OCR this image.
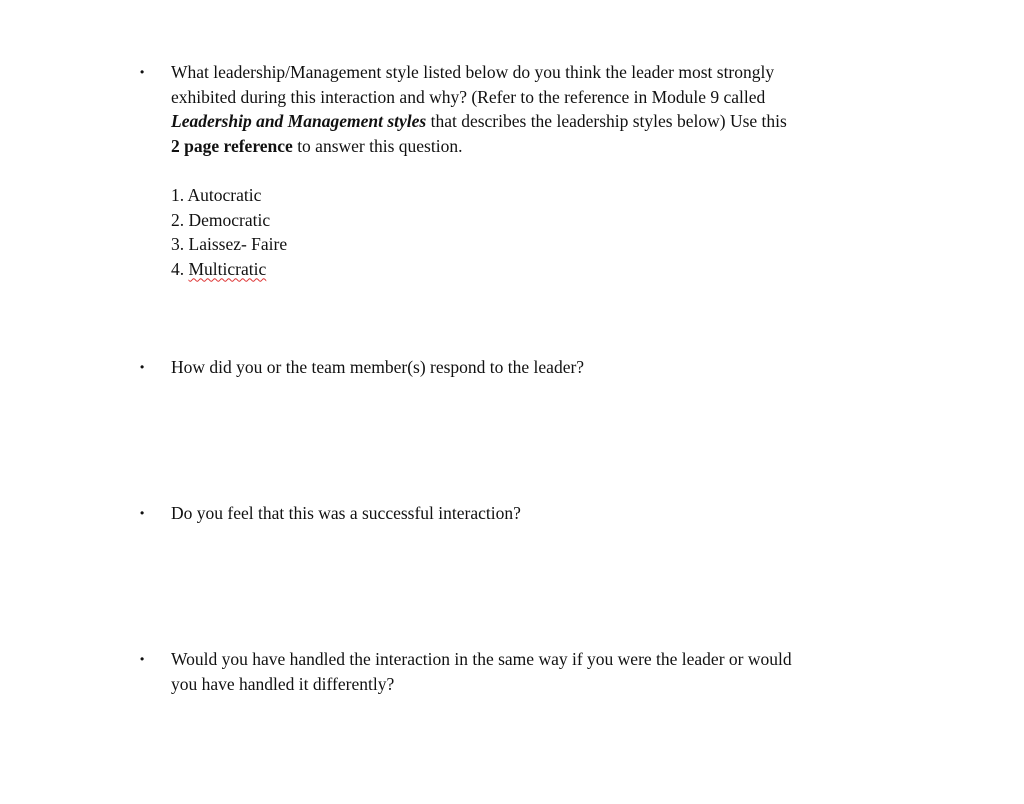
•	What leadership/Management style listed below do you think the leader most strongly
exhibited during this interaction and why? (Refer to the reference in Module 9 called
Leadership and Management styles that describes the leadership styles below) Use this
2 page reference to answer this question.
1. Autocratic
2. Democratic
3. Laissez- Faire
4. Multicratic
•	How did you or the team member(s) respond to the leader?
•	Do you feel that this was a successful interaction?
•	Would you have handled the interaction in the same way if you were the leader or would
you have handled it differently?
